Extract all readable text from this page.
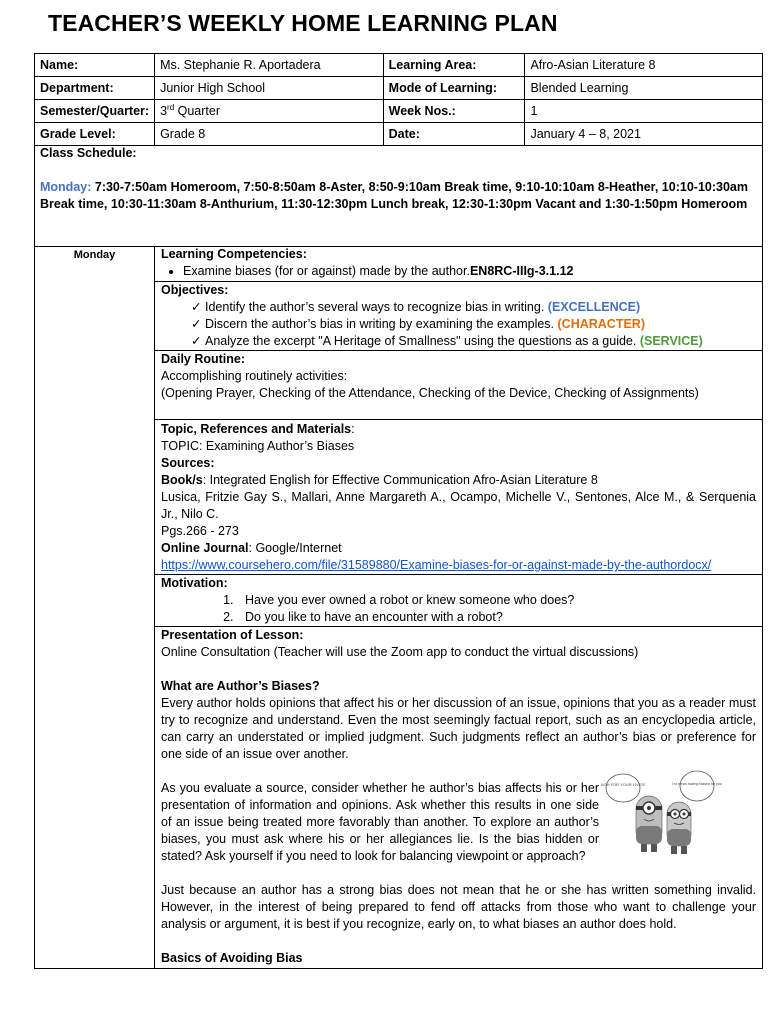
TEACHER’S WEEKLY HOME LEARNING PLAN
Name:	Ms. Stephanie R. Aportadera	Learning Area:	Afro-Asian Literature 8
Department:	Junior High School	Mode of Learning:	Blended Learning
Semester/Quarter:	3rd Quarter	Week Nos.:	1
Grade Level:	Grade 8	Date:	January 4 – 8, 2021
Class Schedule:
Monday: 7:30-7:50am Homeroom, 7:50-8:50am 8-Aster, 8:50-9:10am Break time, 9:10-10:10am 8-Heather, 10:10-10:30am Break time, 10:30-11:30am 8-Anthurium, 11:30-12:30pm Lunch break, 12:30-1:30pm Vacant and 1:30-1:50pm Homeroom
Monday	Learning Competencies:
• Examine biases (for or against) made by the author.EN8RC-IIIg-3.1.12
Objectives:
✓ Identify the author’s several ways to recognize bias in writing. (EXCELLENCE)
✓ Discern the author’s bias in writing by examining the examples. (CHARACTER)
✓ Analyze the excerpt "A Heritage of Smallness" using the questions as a guide. (SERVICE)
Daily Routine:
Accomplishing routinely activities:
(Opening Prayer, Checking of the Attendance, Checking of the Device, Checking of Assignments)
Topic, References and Materials:
TOPIC: Examining Author’s Biases
Sources:
Book/s: Integrated English for Effective Communication Afro-Asian Literature 8
Lusica, Fritzie Gay S., Mallari, Anne Margareth A., Ocampo, Michelle V., Sentones, Alce M., & Serquenia Jr., Nilo C.
Pgs.266 - 273
Online Journal: Google/Internet
https://www.coursehero.com/file/31589880/Examine-biases-for-or-against-made-by-the-authordocx/
Motivation:
1. Have you ever owned a robot or knew someone who does?
2. Do you like to have an encounter with a robot?
Presentation of Lesson:
Online Consultation (Teacher will use the Zoom app to conduct the virtual discussions)
What are Author’s Biases?
Every author holds opinions that affect his or her discussion of an issue, opinions that you as a reader must try to recognize and understand. Even the most seemingly factual report, such as an encyclopedia article, can carry an understated or implied judgment. Such judgments reflect an author’s bias or preference for one side of an issue over another.
As you evaluate a source, consider whether he author’s bias affects his or her presentation of information and opinions. Ask whether this results in one side of an issue being treated more favorably than another. To explore an author’s biases, you must ask where his or her allegiances lie. Is the bias hidden or stated? Ask yourself if you need to look for balancing viewpoint or approach?
Just because an author has a strong bias does not mean that he or she has written something invalid. However, in the interest of being prepared to fend off attacks from those who want to challenge your analysis or argument, it is best if you recognize, early on, to what biases an author does hold.
Basics of Avoiding Bias
AGH FOR YOUR LIVES!	I'm mean having biased for you
